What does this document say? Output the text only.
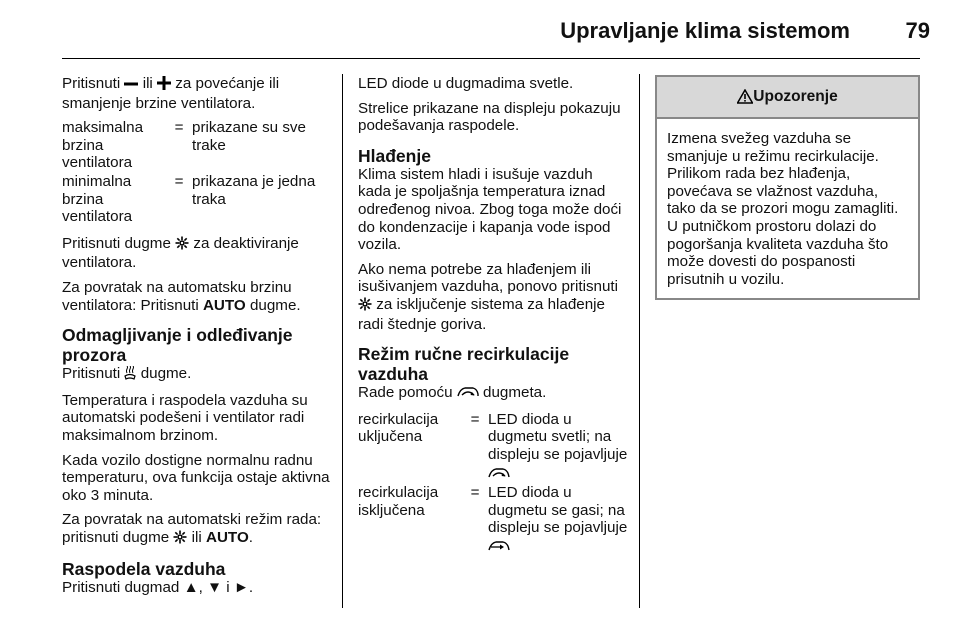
Upravljanje klima sistemom	79

Pritisnuti  ili  za povećanje ili smanjenje brzine ventilatora.

maksimalna brzina ventilatora	=	prikazane su sve trake
minimalna brzina ventilatora	=	prikazana je jedna traka

Pritisnuti dugme  za deaktiviranje ventilatora.

Za povratak na automatsku brzinu ventilatora: Pritisnuti AUTO dugme.

Odmagljivanje i odleđivanje prozora

Pritisnuti  dugme.

Temperatura i raspodela vazduha su automatski podešeni i ventilator radi maksimalnom brzinom.

Kada vozilo dostigne normalnu radnu temperaturu, ova funkcija ostaje aktivna oko 3 minuta.

Za povratak na automatski režim rada: pritisnuti dugme  ili AUTO.

Raspodela vazduha

Pritisnuti dugmad ▲, ▼ i ►.

LED diode u dugmadima svetle.

Strelice prikazane na displeju pokazuju podešavanja raspodele.

Hlađenje

Klima sistem hladi i isušuje vazduh kada je spoljašnja temperatura iznad određenog nivoa. Zbog toga može doći do kondenzacije i kapanja vode ispod vozila.

Ako nema potrebe za hlađenjem ili isušivanjem vazduha, ponovo pritisnuti  za isključenje sistema za hlađenje radi štednje goriva.

Režim ručne recirkulacije vazduha

Rade pomoću  dugmeta.

recirkulacija uključena	=	LED dioda u dugmetu svetli; na displeju se pojavljuje
recirkulacija isključena	=	LED dioda u dugmetu se gasi; na displeju se pojavljuje
Upozorenje
Izmena svežeg vazduha se smanjuje u režimu recirkulacije. Prilikom rada bez hlađenja, povećava se vlažnost vazduha, tako da se prozori mogu zamagliti. U putničkom prostoru dolazi do pogoršanja kvaliteta vazduha što može dovesti do pospanosti prisutnih u vozilu.
